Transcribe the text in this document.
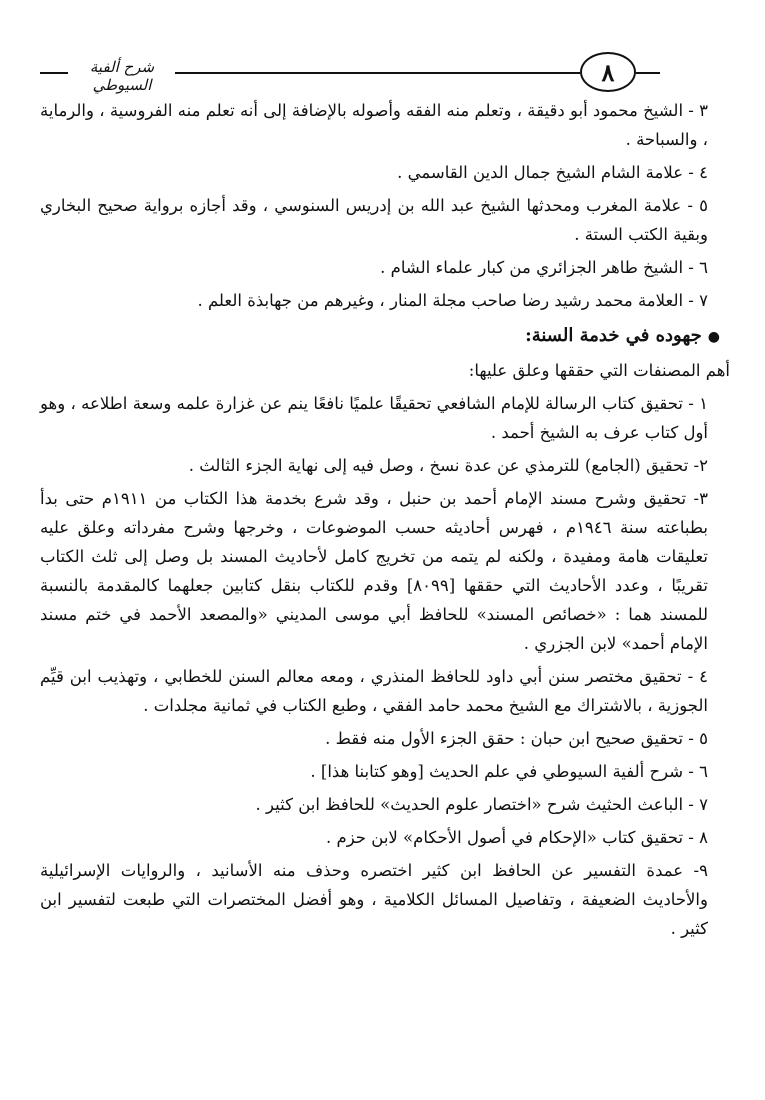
٨
شرح ألفية السيوطي

٣ - الشيخ محمود أبو دقيقة ، وتعلم منه الفقه وأصوله بالإضافة إلى أنه تعلم منه الفروسية ، والرماية ، والسباحة .

٤ - علامة الشام الشيخ جمال الدين القاسمي .

٥ - علامة المغرب ومحدثها الشيخ عبد الله بن إدريس السنوسي ، وقد أجازه برواية صحيح البخاري وبقية الكتب الستة .

٦ - الشيخ طاهر الجزائري من كبار علماء الشام .

٧ - العلامة محمد رشيد رضا صاحب مجلة المنار ، وغيرهم من جهابذة العلم .

●جهوده في خدمة السنة:

أهم المصنفات التي حققها وعلق عليها:

١ - تحقيق كتاب الرسالة للإمام الشافعي تحقيقًا علميًا نافعًا ينم عن غزارة علمه وسعة اطلاعه ، وهو أول كتاب عرف به الشيخ أحمد .

٢- تحقيق (الجامع) للترمذي عن عدة نسخ ، وصل فيه إلى نهاية الجزء الثالث .

٣- تحقيق وشرح مسند الإمام أحمد بن حنبل ، وقد شرع بخدمة هذا الكتاب من ١٩١١م حتى بدأ بطباعته سنة ١٩٤٦م ، فهرس أحاديثه حسب الموضوعات ، وخرجها وشرح مفرداته وعلق عليه تعليقات هامة ومفيدة ، ولكنه لم يتمه من تخريج كامل لأحاديث المسند بل وصل إلى ثلث الكتاب تقريبًا ، وعدد الأحاديث التي حققها [٨٠٩٩] وقدم للكتاب بنقل كتابين جعلهما كالمقدمة بالنسبة للمسند هما : «خصائص المسند» للحافظ أبي موسى المديني «والمصعد الأحمد في ختم مسند الإمام أحمد» لابن الجزري .

٤ - تحقيق مختصر سنن أبي داود للحافظ المنذري ، ومعه معالم السنن للخطابي ، وتهذيب ابن قيِّم الجوزية ، بالاشتراك مع الشيخ محمد حامد الفقي ، وطبع الكتاب في ثمانية مجلدات .

٥ - تحقيق صحيح ابن حبان : حقق الجزء الأول منه فقط .

٦ - شرح ألفية السيوطي في علم الحديث [وهو كتابنا هذا] .

٧ - الباعث الحثيث شرح «اختصار علوم الحديث» للحافظ ابن كثير .

٨ - تحقيق كتاب «الإحكام في أصول الأحكام» لابن حزم .

٩- عمدة التفسير عن الحافظ ابن كثير اختصره وحذف منه الأسانيد ، والروايات الإسرائيلية والأحاديث الضعيفة ، وتفاصيل المسائل الكلامية ، وهو أفضل المختصرات التي طبعت لتفسير ابن كثير .
